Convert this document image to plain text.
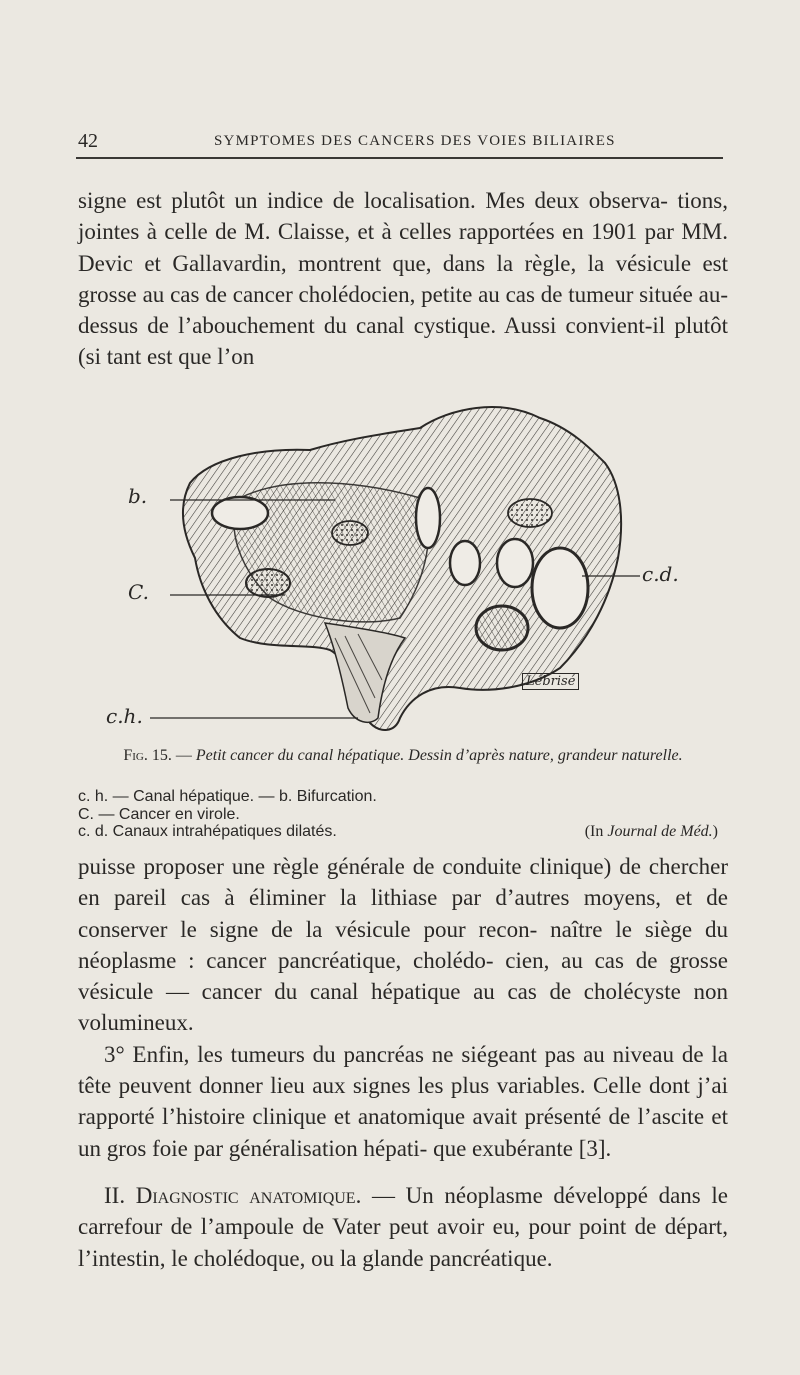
42	SYMPTOMES DES CANCERS DES VOIES BILIAIRES

signe est plutôt un indice de localisation. Mes deux observa- tions, jointes à celle de M. Claisse, et à celles rapportées en 1901 par MM. Devic et Gallavardin, montrent que, dans la règle, la vésicule est grosse au cas de cancer cholédocien, petite au cas de tumeur située au-dessus de l’abouchement du canal cystique. Aussi convient-il plutôt (si tant est que l’on

b.
C.
c.h.
c.d.
Lébrisé
Fig. 15. — Petit cancer du canal hépatique. Dessin d’après nature, grandeur naturelle.
c. h. — Canal hépatique. — b. Bifurcation.
C. — Cancer en virole.
c. d. Canaux intrahépatiques dilatés.	(In Journal de Méd.)

puisse proposer une règle générale de conduite clinique) de chercher en pareil cas à éliminer la lithiase par d’autres moyens, et de conserver le signe de la vésicule pour recon- naître le siège du néoplasme : cancer pancréatique, cholédo- cien, au cas de grosse vésicule — cancer du canal hépatique au cas de cholécyste non volumineux.

3° Enfin, les tumeurs du pancréas ne siégeant pas au niveau de la tête peuvent donner lieu aux signes les plus variables. Celle dont j’ai rapporté l’histoire clinique et anatomique avait présenté de l’ascite et un gros foie par généralisation hépati- que exubérante [3].

II. Diagnostic anatomique. — Un néoplasme développé dans le carrefour de l’ampoule de Vater peut avoir eu, pour point de départ, l’intestin, le cholédoque, ou la glande pancréatique.
